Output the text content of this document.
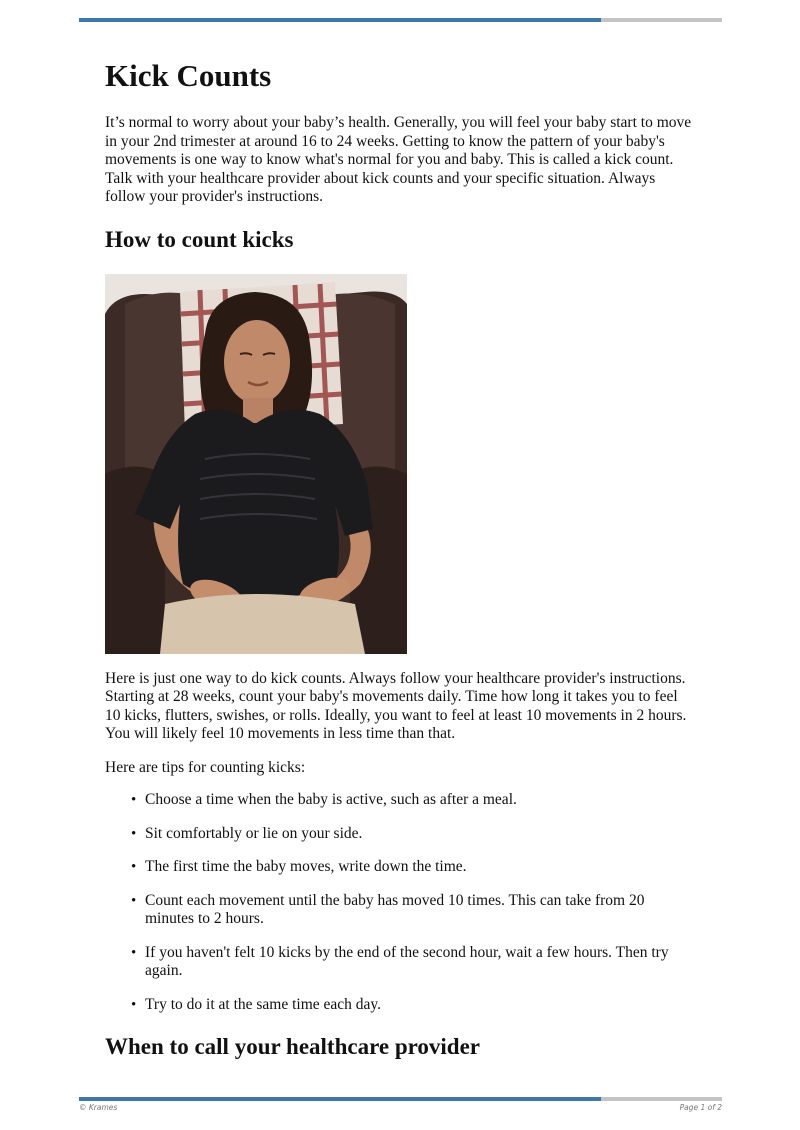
Kick Counts

It’s normal to worry about your baby’s health. Generally, you will feel your baby start to move in your 2nd trimester at around 16 to 24 weeks. Getting to know the pattern of your baby's movements is one way to know what's normal for you and baby. This is called a kick count. Talk with your healthcare provider about kick counts and your specific situation. Always follow your provider's instructions.

How to count kicks

Here is just one way to do kick counts. Always follow your healthcare provider's instructions. Starting at 28 weeks, count your baby's movements daily. Time how long it takes you to feel 10 kicks, flutters, swishes, or rolls. Ideally, you want to feel at least 10 movements in 2 hours. You will likely feel 10 movements in less time than that.

Here are tips for counting kicks:

• Choose a time when the baby is active, such as after a meal.
• Sit comfortably or lie on your side.
• The first time the baby moves, write down the time.
• Count each movement until the baby has moved 10 times. This can take from 20 minutes to 2 hours.
• If you haven't felt 10 kicks by the end of the second hour, wait a few hours. Then try again.
• Try to do it at the same time each day.
When to call your healthcare provider
© Krames	Page 1 of 2
